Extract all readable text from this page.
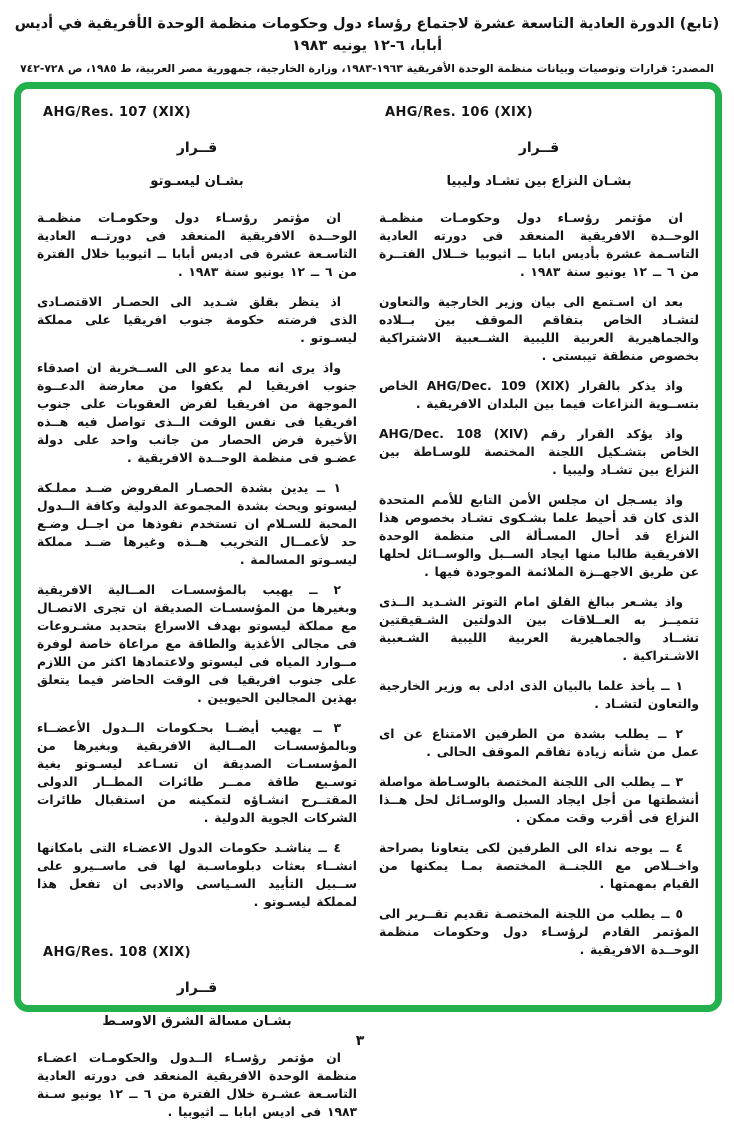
(تابع) الدورة العادية التاسعة عشرة لاجتماع رؤساء دول وحكومات منظمة الوحدة الأفريقية في أديس أبابا، ٦-١٢ يونيه ١٩٨٣
المصدر: قرارات وتوصيات وبيانات منظمة الوحدة الأفريقية ١٩٦٣-١٩٨٣، وزارة الخارجية، جمهورية مصر العربية، ط ١٩٨٥، ص ٧٢٨-٧٤٢
AHG/Res. 107 (XIX)
قــرار
بشـان ليسـوتو
ان مؤتمر رؤسـاء دول وحكومـات منظمـة الوحــدة الافريقية المنعقد فى دورتــه العادية التاسـعة عشرة فى اديس أبابا ــ اثيوبيا خلال الفترة من ٦ ــ ١٢ يونيو سنة ١٩٨٣ .
اذ ينظر بقلق شـديد الى الحصـار الاقتصـادى الذى فرضته حكومة جنوب افريقيا على مملكة ليسـوتو .
واذ يرى انه مما يدعو الى الســخرية ان اصدقاء جنوب افريقيا لم يكفوا من معارضة الدعــوة الموجهة من افريقيا لفرض العقوبات على جنوب افريقيا فى نفس الوقت الــذى تواصل فيه هــذه الأخيرة فرض الحصار من جانب واحد على دولة عضـو فى منظمة الوحــدة الافريقية .
١ ــ يدين بشدة الحصـار المفروض ضــد مملـكة ليسوتو ويحث بشدة المجموعة الدولية وكافة الــدول المحبة للسـلام ان تستخدم نفوذها من اجــل وضـع حد لأعمــال التخريب هــذه وغيرها ضــد مملكة ليسـوتو المسالمة .
٢ ــ يهيب بالمؤسسـات المــالية الافريقية وبغيرها من المؤسسـات الصديقة ان تجرى الاتصـال مع مملكة ليسوتو بهدف الاسراع بتحديد مشـروعات فى مجالى الأغذية والطاقة مع مراعاة خاصة لوفرة مــوارد المياه فى ليسوتو ولاعتمادها اكثر من اللازم على جنوب افريقيا فى الوقت الحاضر فيما يتعلق بهذين المجالين الحيويين .
٣ ــ يهيب أيضــا بحـكومات الــدول الأعضــاء وبالمؤسسـات المــالية الافريقية وبغيرها من المؤسسـات الصديقة ان تسـاعد ليسـوتو بغية توسـيع طاقة ممــر طائرات المطــار الدولى المقتــرح انشـاؤه لتمكينه من استقبال طائرات الشركات الجوية الدولية .
٤ ــ يناشـد حكومات الدول الاعضـاء التى بامكانها انشــاء بعثات دبلوماسـبة لها فى ماســيرو على ســبيل التأييد السـياسى والادبى ان تفعل هذا لمملكة ليسـوتو .
AHG/Res. 108 (XIX)
قــرار
بشـان مسالة الشرق الاوسـط
ان مؤتمر رؤسـاء الــدول والحكومـات اعضـاء منظمة الوحدة الافريقية المنعقد فى دورته العادية التاسـعة عشـرة خلال الفترة من ٦ ــ ١٢ يونيو سـنة ١٩٨٣ فى اديس ابابا ــ اثيوبيا .
AHG/Res. 106 (XIX)
قــرار
بشـان النزاع بين تشـاد وليبيا
ان مؤتمر رؤسـاء دول وحكومـات منظمـة الوحــدة الافريقية المنعقد فى دورته العادية التاسـمة عشرة بأديس ابابا ــ اثيوبيا خــلال الفتــرة من ٦ ــ ١٢ يونيو سنة ١٩٨٣ .
بعد ان اسـتمع الى بيان وزير الخارجية والتعاون لتشـاد الخاص بتفاقم الموقف بين بــلاده والجماهيرية العربية الليبية الشــعبية الاشتراكية بخصوص منطقة تيبستى .
واذ يذكر بالقرار AHG/Dec. 109 (XIX) الخاص بتســوية النزاعات فيما بين البلدان الافريقية .
واذ يؤكد القرار رقم AHG/Dec. 108 (XIV) الخاص بتشـكيل اللجنة المختصة للوسـاطة بين النزاع بين تشـاد وليبيا .
واذ يسـجل ان مجلس الأمن التابع للأمم المتحدة الذى كان قد أحيط علما بشـكوى تشـاد بخصوص هذا النزاع قد أحال المسـألة الى منظمة الوحدة الافريقية طالبا منها ايجاد الســبل والوســائل لحلها عن طريق الاجهــزة الملائمة الموجودة فيها .
واذ يشـعر ببالغ القلق امام التوتر الشـديد الــذى تتميــز به العــلاقات بين الدولتين الشـقيقتين تشــاد والجماهيرية العربية الليبية الشـعبية الاشـتراكية .
١ ــ يأخذ علما بالبيان الذى ادلى به وزير الخارجية والتعاون لتشـاد .
٢ ــ يطلب بشدة من الطرفين الامتناع عن اى عمل من شأنه زيادة تفاقم الموقف الحالى .
٣ ــ يطلب الى اللجنة المختصة بالوسـاطة مواصلة أنشطتها من أجل ايجاد السبل والوسـائل لحل هــذا النزاع فى أقرب وقت ممكن .
٤ ــ يوجه نداء الى الطرفين لكى يتعاونا بصراحة واخــلاص مع اللجنــة المختصة بمـا يمكنها من القيام بمهمتها .
٥ ــ يطلب من اللجنة المختصـة تقديم تقــرير الى المؤتمر القادم لرؤسـاء دول وحكومات منظمة الوحــدة الافريقية .
٣
